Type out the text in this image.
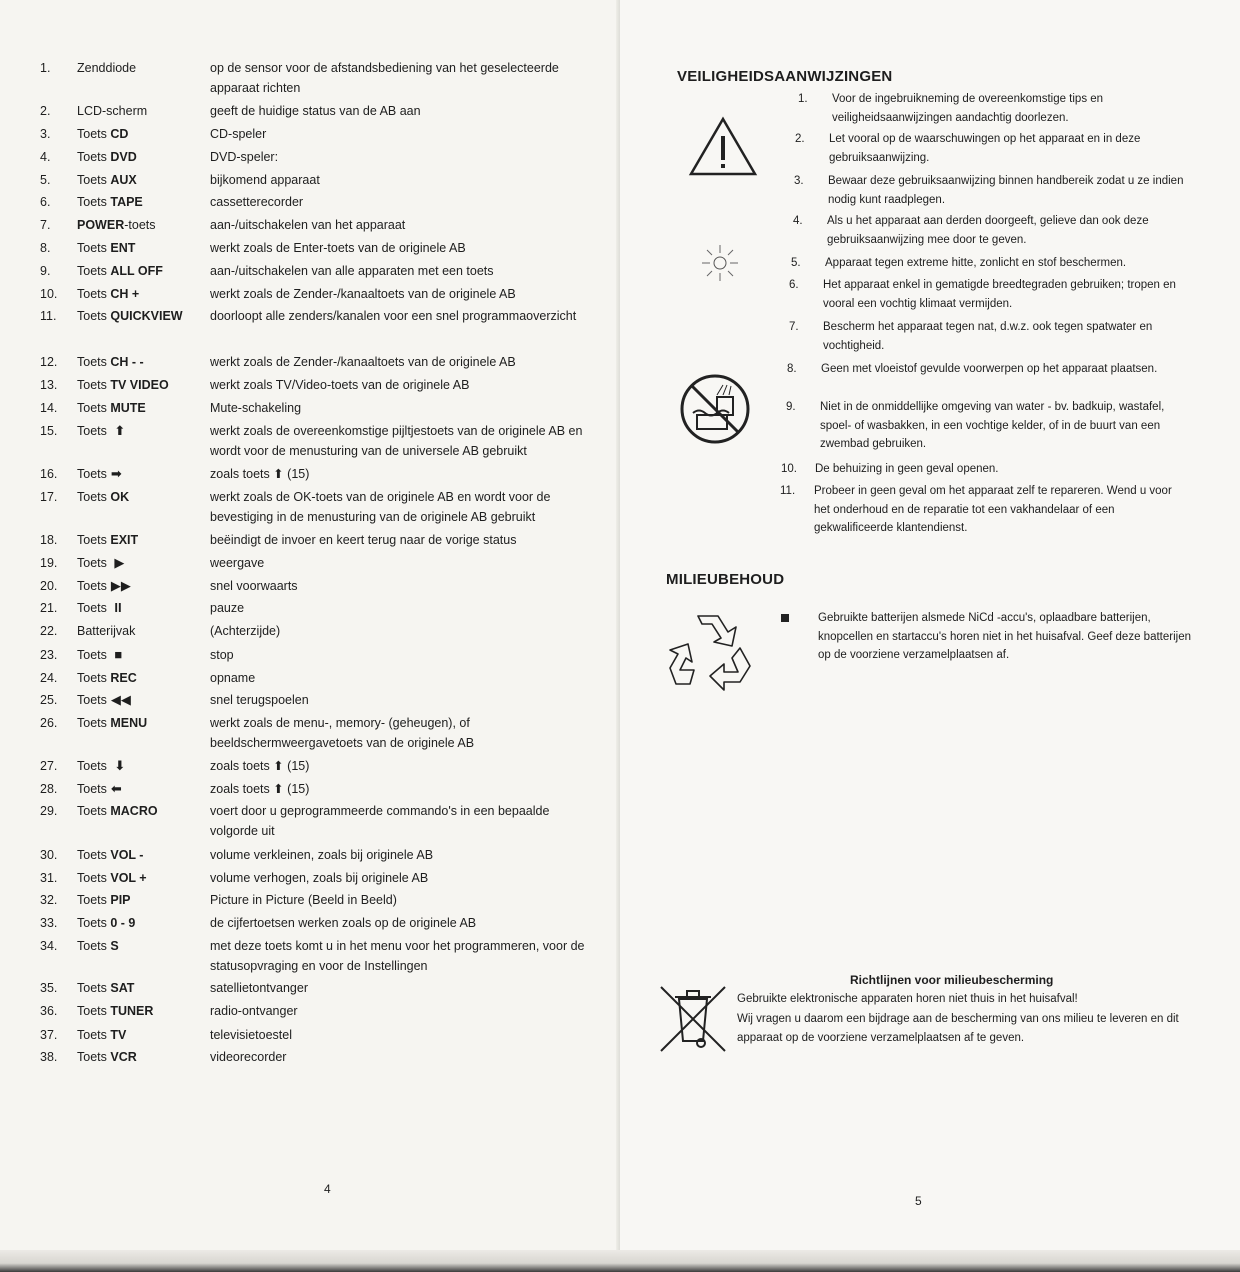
1.	Zenddiode	op de sensor voor de afstandsbediening van het geselecteerde apparaat richten
2.	LCD-scherm	geeft de huidige status van de AB aan
3.	Toets CD	CD-speler
4.	Toets DVD	DVD-speler:
5.	Toets AUX	bijkomend apparaat
6.	Toets TAPE	cassetterecorder
7.	POWER-toets	aan-/uitschakelen van het apparaat
8.	Toets ENT	werkt zoals de Enter-toets van de originele AB
9.	Toets ALL OFF	aan-/uitschakelen van alle apparaten met een toets
10.	Toets CH +	werkt zoals de Zender-/kanaaltoets van de originele AB
11.	Toets QUICKVIEW	doorloopt alle zenders/kanalen voor een snel programmaoverzicht
12.	Toets CH - -	werkt zoals de Zender-/kanaaltoets van de originele AB
13.	Toets TV VIDEO	werkt zoals TV/Video-toets van de originele AB
14.	Toets MUTE	Mute-schakeling
15.	Toets ⬆	werkt zoals de overeenkomstige pijltjestoets van de originele AB en wordt voor de menusturing van de universele AB gebruikt
16.	Toets ➡	zoals toets ⬆ (15)
17.	Toets OK	werkt zoals de OK-toets van de originele AB en wordt voor de bevestiging in de menusturing van de originele AB gebruikt
18.	Toets EXIT	beëindigt de invoer en keert terug naar de vorige status
19.	Toets ▶	weergave
20.	Toets ▶▶	snel voorwaarts
21.	Toets II	pauze
22.	Batterijvak	(Achterzijde)
23.	Toets ■	stop
24.	Toets REC	opname
25.	Toets ◀◀	snel terugspoelen
26.	Toets MENU	werkt zoals de menu-, memory- (geheugen), of beeldschermweergavetoets van de originele AB
27.	Toets ⬇	zoals toets ⬆ (15)
28.	Toets ⬅	zoals toets ⬆ (15)
29.	Toets MACRO	voert door u geprogrammeerde commando's in een bepaalde volgorde uit
30.	Toets VOL -	volume verkleinen, zoals bij originele AB
31.	Toets VOL +	volume verhogen, zoals bij originele AB
32.	Toets PIP	Picture in Picture (Beeld in Beeld)
33.	Toets 0 - 9	de cijfertoetsen werken zoals op de originele AB
34.	Toets S	met deze toets komt u in het menu voor het programmeren, voor de statusopvraging en voor de Instellingen
35.	Toets SAT	satellietontvanger
36.	Toets TUNER	radio-ontvanger
37.	Toets TV	televisietoestel
38.	Toets VCR	videorecorder
4
VEILIGHEIDSAANWIJZINGEN
1.	Voor de ingebruikneming de overeenkomstige tips en veiligheidsaanwijzingen aandachtig doorlezen.
2.	Let vooral op de waarschuwingen op het apparaat en in deze gebruiksaanwijzing.
3.	Bewaar deze gebruiksaanwijzing binnen handbereik zodat u ze indien nodig kunt raadplegen.
4.	Als u het apparaat aan derden doorgeeft, gelieve dan ook deze gebruiksaanwijzing mee door te geven.
5.	Apparaat tegen extreme hitte, zonlicht en stof beschermen.
6.	Het apparaat enkel in gematigde breedtegraden gebruiken; tropen en vooral een vochtig klimaat vermijden.
7.	Bescherm het apparaat tegen nat, d.w.z. ook tegen spatwater en vochtigheid.
8.	Geen met vloeistof gevulde voorwerpen op het apparaat plaatsen.
9.	Niet in de onmiddellijke omgeving van water - bv. badkuip, wastafel, spoel- of wasbakken, in een vochtige kelder, of in de buurt van een zwembad gebruiken.
10.	De behuizing in geen geval openen.
11.	Probeer in geen geval om het apparaat zelf te repareren. Wend u voor het onderhoud en de reparatie tot een vakhandelaar of een gekwalificeerde klantendienst.
MILIEUBEHOUD
Gebruikte batterijen alsmede NiCd -accu's, oplaadbare batterijen, knopcellen en startaccu's horen niet in het huisafval. Geef deze batterijen op de voorziene verzamelplaatsen af.
Richtlijnen voor milieubescherming
Gebruikte elektronische apparaten horen niet thuis in het huisafval!
Wij vragen u daarom een bijdrage aan de bescherming van ons milieu te leveren en dit apparaat op de voorziene verzamelplaatsen af te geven.
5
